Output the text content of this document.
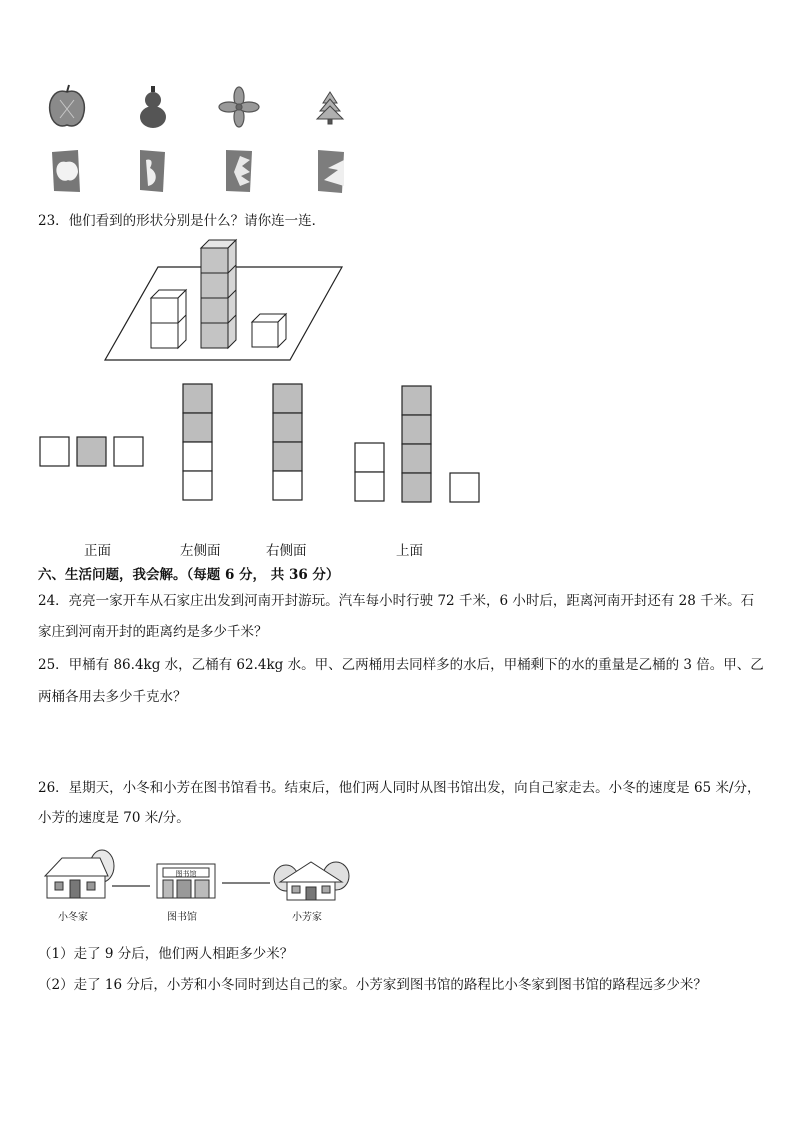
23．他们看到的形状分别是什么？请你连一连．
正面	左侧面	右侧面	上面
六、生活问题，我会解。（每题 6 分， 共 36 分）
24．亮亮一家开车从石家庄出发到河南开封游玩。汽车每小时行驶 72 千米，6 小时后，距离河南开封还有 28 千米。石
家庄到河南开封的距离约是多少千米？
25．甲桶有 86.4kg 水，乙桶有 62.4kg 水。甲、乙两桶用去同样多的水后，甲桶剩下的水的重量是乙桶的 3 倍。甲、乙
两桶各用去多少千克水？
26．星期天，小冬和小芳在图书馆看书。结束后，他们两人同时从图书馆出发，向自己家走去。小冬的速度是 65 米/分，
小芳的速度是 70 米/分。
图书馆
小冬家	图书馆	小芳家
（1）走了 9 分后，他们两人相距多少米？
（2）走了 16 分后，小芳和小冬同时到达自己的家。小芳家到图书馆的路程比小冬家到图书馆的路程远多少米？
